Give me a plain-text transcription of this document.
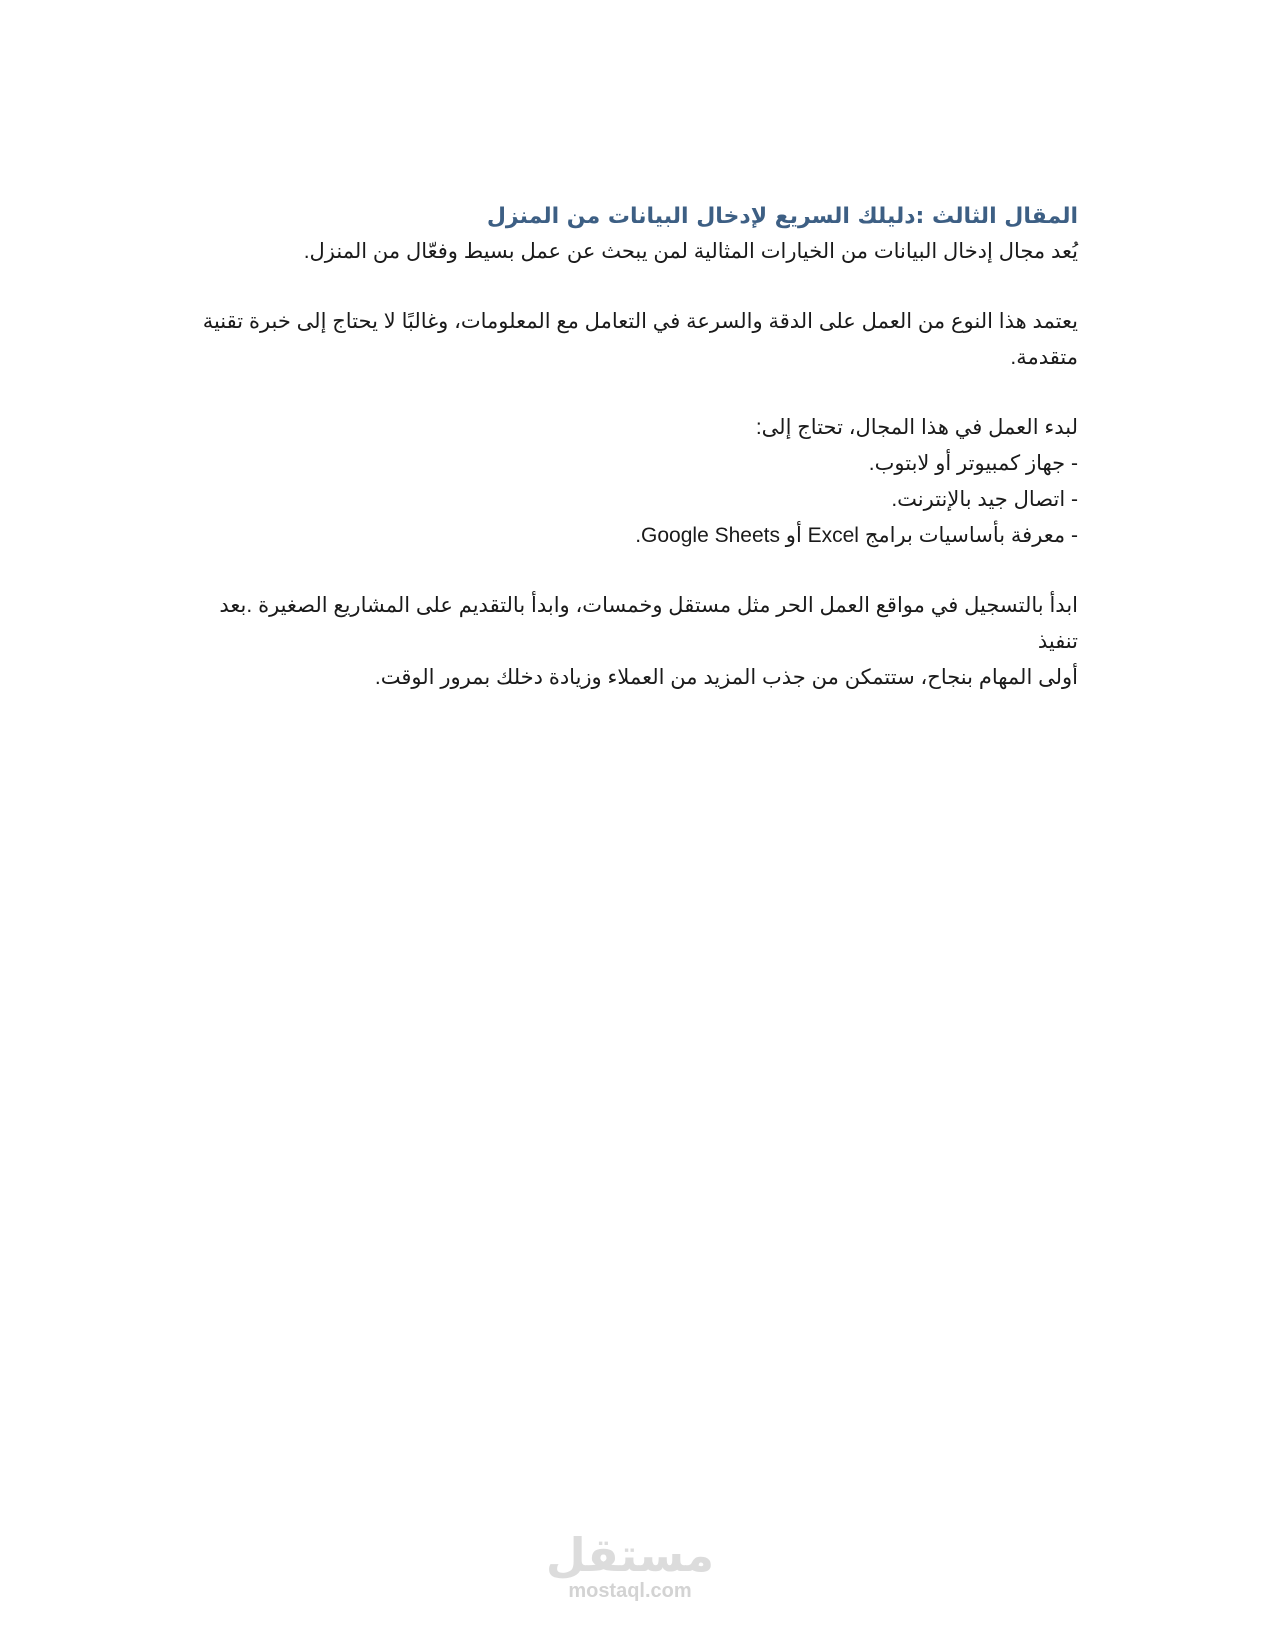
المقال الثالث :دليلك السريع لإدخال البيانات من المنزل

يُعد مجال إدخال البيانات من الخيارات المثالية لمن يبحث عن عمل بسيط وفعّال من المنزل.

يعتمد هذا النوع من العمل على الدقة والسرعة في التعامل مع المعلومات، وغالبًا لا يحتاج إلى خبرة تقنية
متقدمة.

لبدء العمل في هذا المجال، تحتاج إلى:
- جهاز كمبيوتر أو لابتوب.
- اتصال جيد بالإنترنت.
- معرفة بأساسيات برامج Excel أو Google Sheets.

ابدأ بالتسجيل في مواقع العمل الحر مثل مستقل وخمسات، وابدأ بالتقديم على المشاريع الصغيرة .بعد تنفيذ
أولى المهام بنجاح، ستتمكن من جذب المزيد من العملاء وزيادة دخلك بمرور الوقت.

مستقل
mostaql.com
